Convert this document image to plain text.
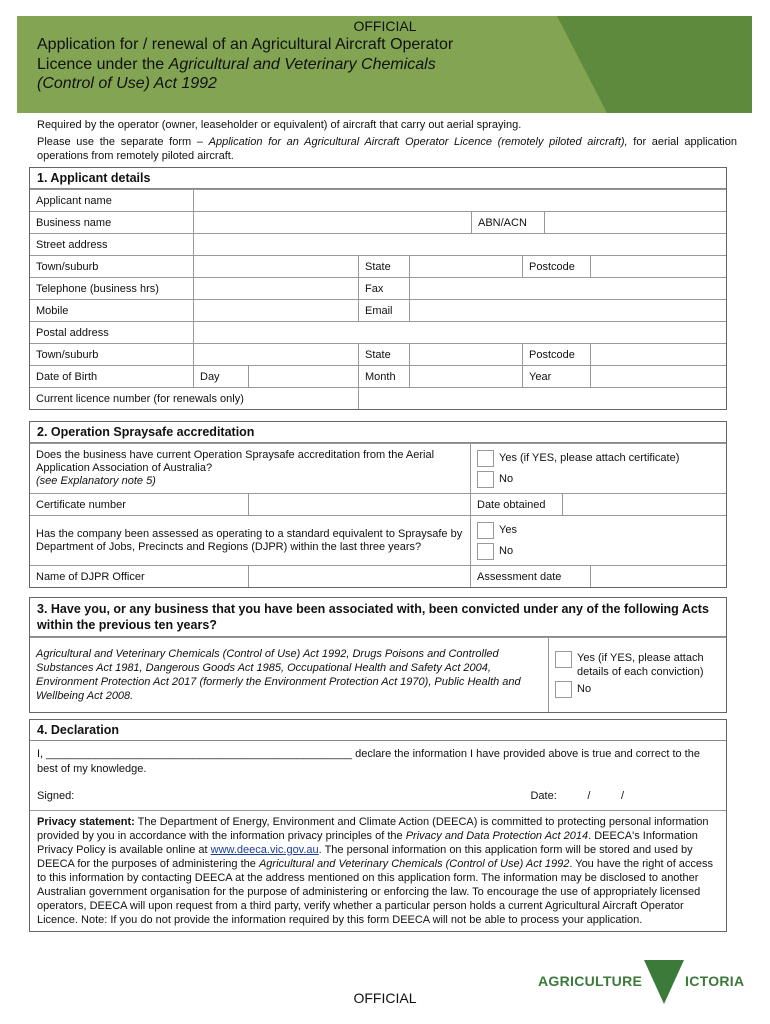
OFFICIAL
Application for / renewal of an Agricultural Aircraft Operator
Licence under the Agricultural and Veterinary Chemicals
(Control of Use) Act 1992

Required by the operator (owner, leaseholder or equivalent) of aircraft that carry out aerial spraying.

Please use the separate form – Application for an Agricultural Aircraft Operator Licence (remotely piloted aircraft), for aerial application operations from remotely piloted aircraft.

1. Applicant details
Applicant name
Business name	ABN/ACN
Street address
Town/suburb	State	Postcode
Telephone (business hrs)	Fax
Mobile	Email
Postal address
Town/suburb	State	Postcode
Date of Birth	Day	Month	Year
Current licence number (for renewals only)
2. Operation Spraysafe accreditation
Does the business have current Operation Spraysafe accreditation from the Aerial Application Association of Australia?
(see Explanatory note 5)
Yes (if YES, please attach certificate)
No
Certificate number	Date obtained
Has the company been assessed as operating to a standard equivalent to Spraysafe by Department of Jobs, Precincts and Regions (DJPR) within the last three years?
Yes
No
Name of DJPR Officer	Assessment date
3. Have you, or any business that you have been associated with, been convicted under any of the following Acts within the previous ten years?
Agricultural and Veterinary Chemicals (Control of Use) Act 1992, Drugs Poisons and Controlled Substances Act 1981, Dangerous Goods Act 1985, Occupational Health and Safety Act 2004, Environment Protection Act 2017 (formerly the Environment Protection Act 1970), Public Health and Wellbeing Act 2008.
Yes (if YES, please attach details of each conviction)
No
4. Declaration
I, __________________________________________________ declare the information I have provided above is true and correct to the best of my knowledge.
Signed:	Date:          /          /
Privacy statement: The Department of Energy, Environment and Climate Action (DEECA) is committed to protecting personal information provided by you in accordance with the information privacy principles of the Privacy and Data Protection Act 2014. DEECA's Information Privacy Policy is available online at www.deeca.vic.gov.au. The personal information on this application form will be stored and used by DEECA for the purposes of administering the Agricultural and Veterinary Chemicals (Control of Use) Act 1992. You have the right of access to this information by contacting DEECA at the address mentioned on this application form. The information may be disclosed to another Australian government organisation for the purpose of administering or enforcing the law. To encourage the use of appropriately licensed operators, DEECA will upon request from a third party, verify whether a particular person holds a current Agricultural Aircraft Operator Licence. Note: If you do not provide the information required by this form DEECA will not be able to process your application.
AGRICULTURE	ICTORIA
OFFICIAL
